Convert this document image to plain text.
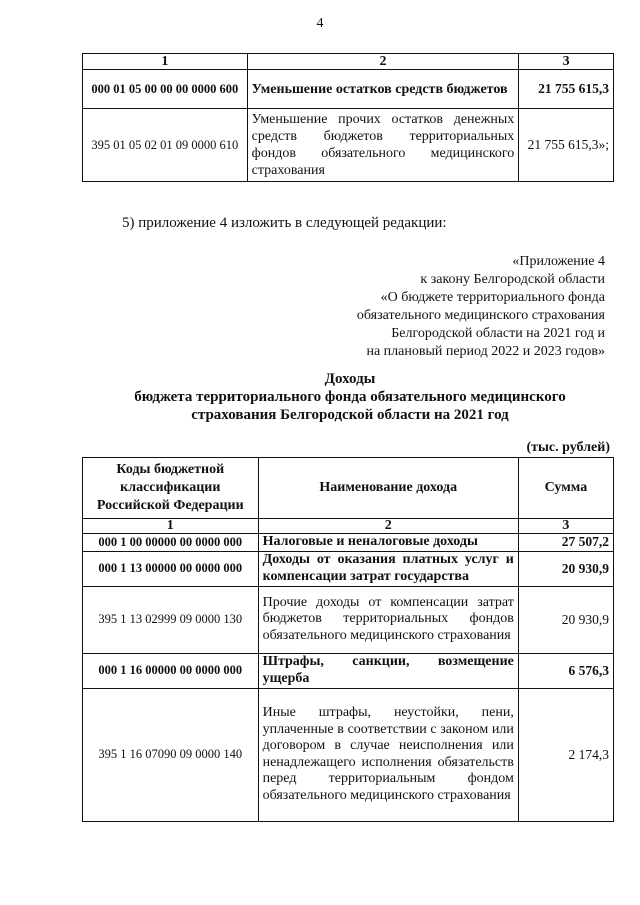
4
1	2	3
000 01 05 00 00 00 0000 600	Уменьшение остатков средств бюджетов	21 755 615,3
395 01 05 02 01 09 0000 610	Уменьшение прочих остатков денежных средств бюджетов территориальных фондов обязательного медицинского страхования	21 755 615,3»;
5) приложение 4 изложить в следующей редакции:
«Приложение 4
к закону Белгородской области
«О бюджете территориального фонда
обязательного медицинского страхования
Белгородской области на 2021 год и
на плановый период 2022 и 2023 годов»
Доходы
бюджета территориального фонда обязательного медицинского
страхования Белгородской области на 2021 год
(тыс. рублей)
Коды бюджетной классификации Российской Федерации	Наименование дохода	Сумма
1	2	3
000 1 00 00000 00 0000 000	Налоговые и неналоговые доходы	27 507,2
000 1 13 00000 00 0000 000	Доходы от оказания платных услуг и компенсации затрат государства	20 930,9
395 1 13 02999 09 0000 130	Прочие доходы от компенсации затрат бюджетов территориальных фондов обязательного медицинского страхования	20 930,9
000 1 16 00000 00 0000 000	Штрафы, санкции, возмещение ущерба	6 576,3
395 1 16 07090 09 0000 140	Иные штрафы, неустойки, пени, уплаченные в соответствии с законом или договором в случае неисполнения или ненадлежащего исполнения обязательств перед территориальным фондом обязательного медицинского страхования	2 174,3
